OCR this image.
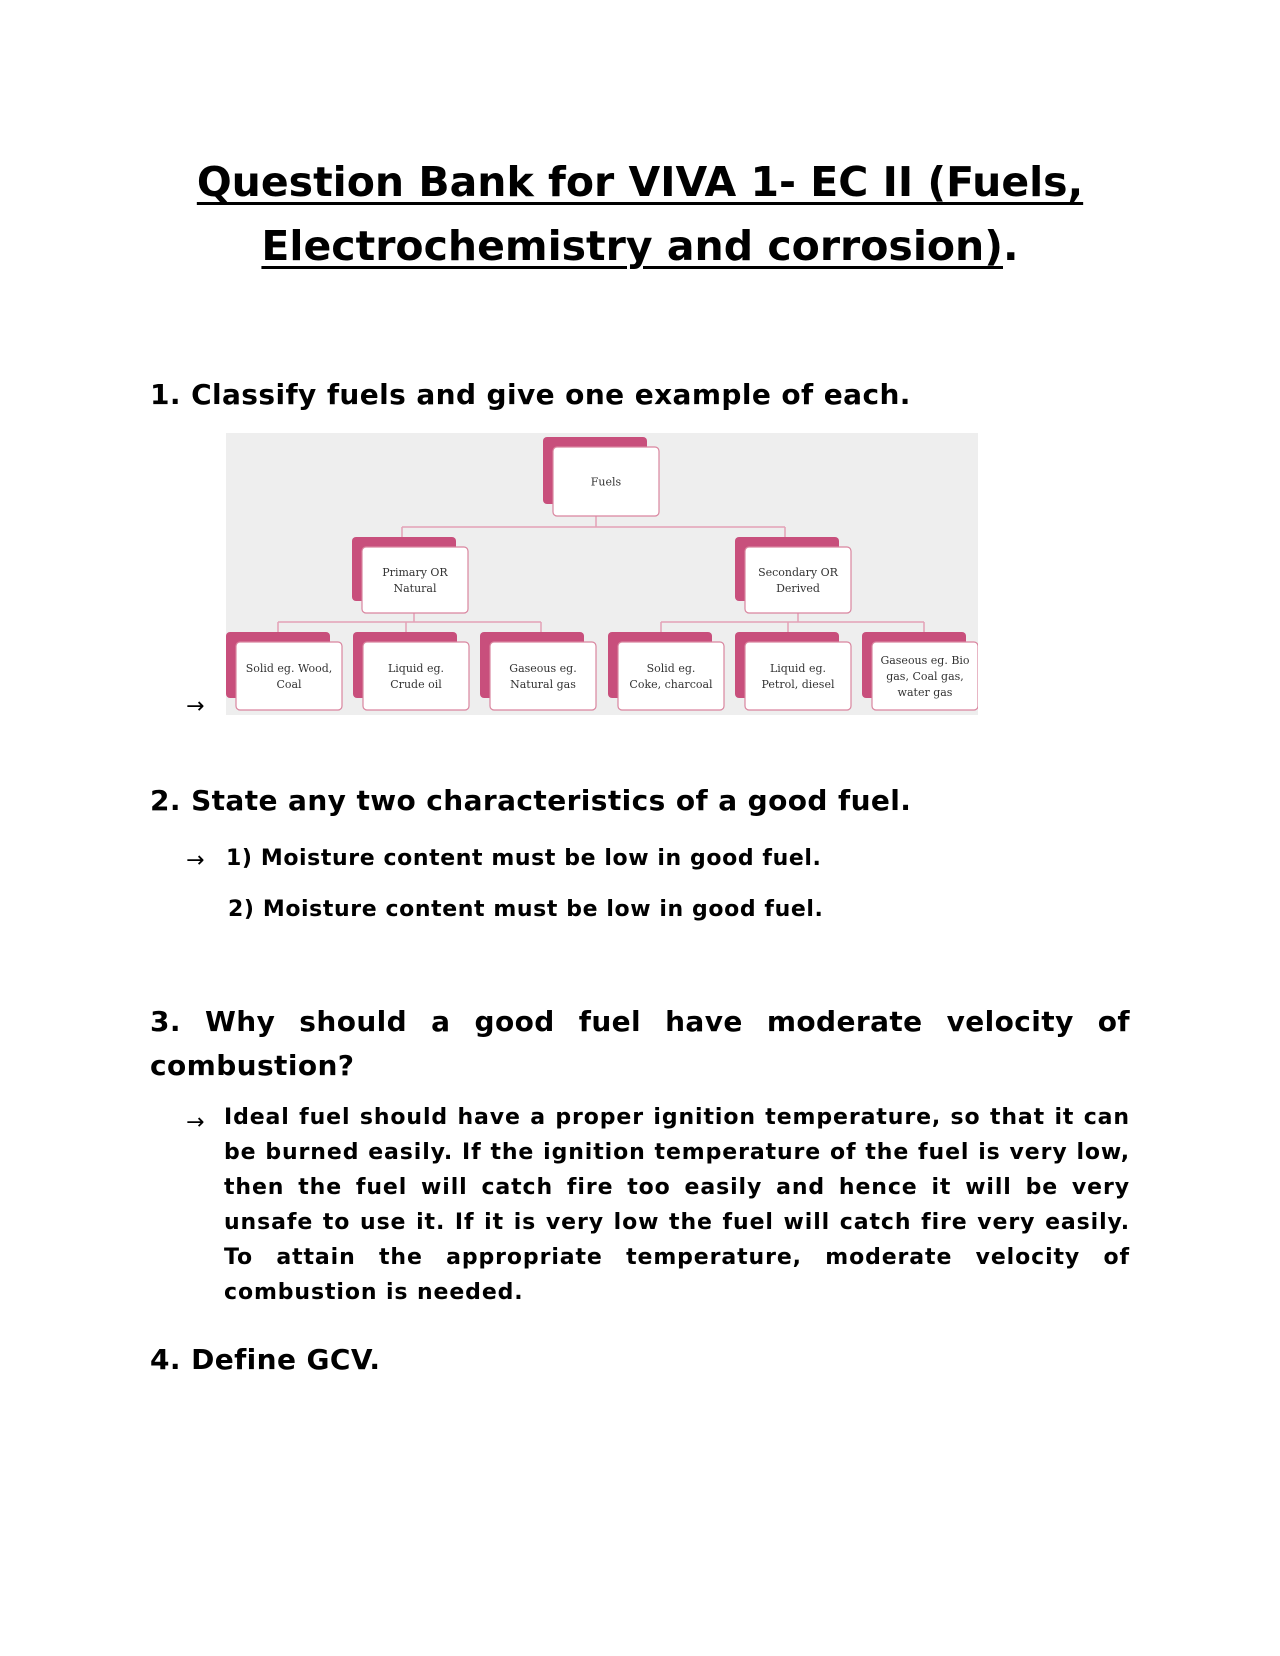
Question Bank for VIVA 1- EC II (Fuels,
Electrochemistry and corrosion).

1. Classify fuels and give one example of each.

Fuels
Primary OR
Natural
Secondary OR
Derived
Solid eg. Wood,
Coal
Liquid eg.
Crude oil
Gaseous eg.
Natural gas
Solid eg.
Coke, charcoal
Liquid eg.
Petrol, diesel
Gaseous eg. Bio
gas, Coal gas,
water gas
→

2. State any two characteristics of a good fuel.

→ 1) Moisture content must be low in good fuel.

2) Moisture content must be low in good fuel.

3. Why should a good fuel have moderate velocity of combustion?

→ Ideal fuel should have a proper ignition temperature, so that it can be burned easily. If the ignition temperature of the fuel is very low, then the fuel will catch fire too easily and hence it will be very unsafe to use it. If it is very low the fuel will catch fire very easily. To attain the appropriate temperature, moderate velocity of combustion is needed.

4. Define GCV.
